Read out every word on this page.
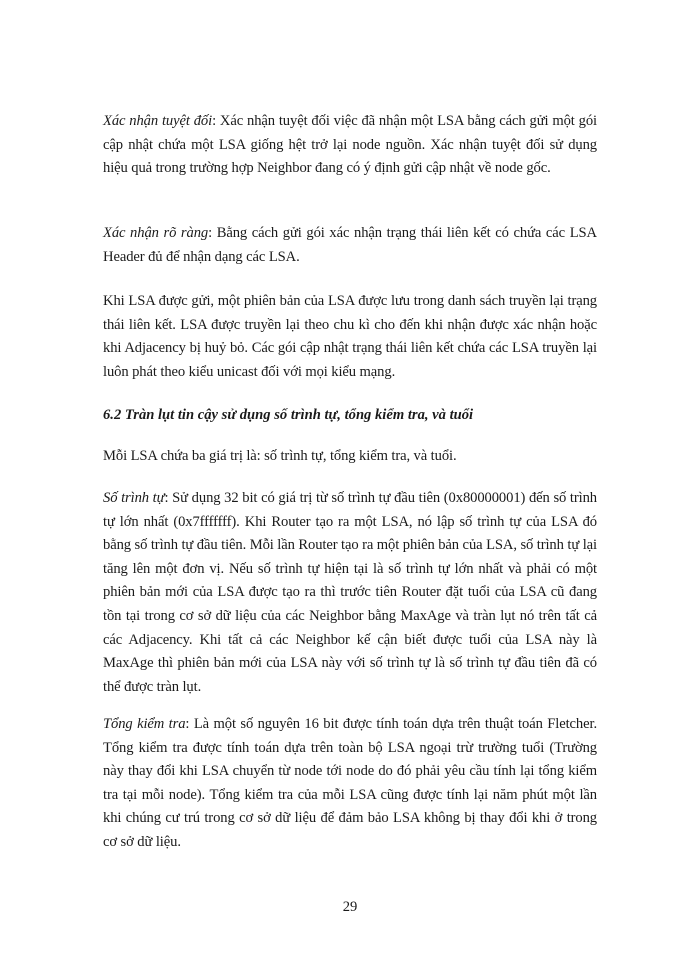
Xác nhận tuyệt đối: Xác nhận tuyệt đối việc đã nhận một LSA bằng cách gửi một gói cập nhật chứa một LSA giống hệt trở lại node nguồn. Xác nhận tuyệt đối sử dụng hiệu quả trong trường hợp Neighbor đang có ý định gửi cập nhật về node gốc.

Xác nhận rõ ràng: Bằng cách gửi gói xác nhận trạng thái liên kết có chứa các LSA Header đủ để nhận dạng các LSA.

Khi LSA được gửi, một phiên bản của LSA được lưu trong danh sách truyền lại trạng thái liên kết. LSA được truyền lại theo chu kì cho đến khi nhận được xác nhận hoặc khi Adjacency bị huỷ bỏ. Các gói cập nhật trạng thái liên kết chứa các LSA truyền lại luôn phát theo kiểu unicast đối với mọi kiểu mạng.

6.2 Tràn lụt tin cậy sử dụng số trình tự, tổng kiểm tra, và tuổi

Mỗi LSA chứa ba giá trị là: số trình tự, tổng kiểm tra, và tuổi.

Số trình tự: Sử dụng 32 bit có giá trị từ số trình tự đầu tiên (0x80000001) đến số trình tự lớn nhất (0x7fffffff). Khi Router tạo ra một LSA, nó lập số trình tự của LSA đó bằng số trình tự đầu tiên. Mỗi lần Router tạo ra một phiên bản của LSA, số trình tự lại tăng lên một đơn vị. Nếu số trình tự hiện tại là số trình tự lớn nhất và phải có một phiên bản mới của LSA được tạo ra thì trước tiên Router đặt tuổi của LSA cũ đang tồn tại trong cơ sở dữ liệu của các Neighbor bằng MaxAge và tràn lụt nó trên tất cả các Adjacency. Khi tất cả các Neighbor kế cận biết được tuổi của LSA này là MaxAge thì phiên bản mới của LSA này với số trình tự là số trình tự đầu tiên đã có thể được tràn lụt.

Tổng kiểm tra: Là một số nguyên 16 bit được tính toán dựa trên thuật toán Fletcher. Tổng kiểm tra được tính toán dựa trên toàn bộ LSA ngoại trừ trường tuổi (Trường này thay đổi khi LSA chuyển từ node tới node do đó phải yêu cầu tính lại tổng kiểm tra tại mỗi node). Tổng kiểm tra của mỗi LSA cũng được tính lại năm phút một lần khi chúng cư trú trong cơ sở dữ liệu để đảm bảo LSA không bị thay đổi khi ở trong cơ sở dữ liệu.

29
